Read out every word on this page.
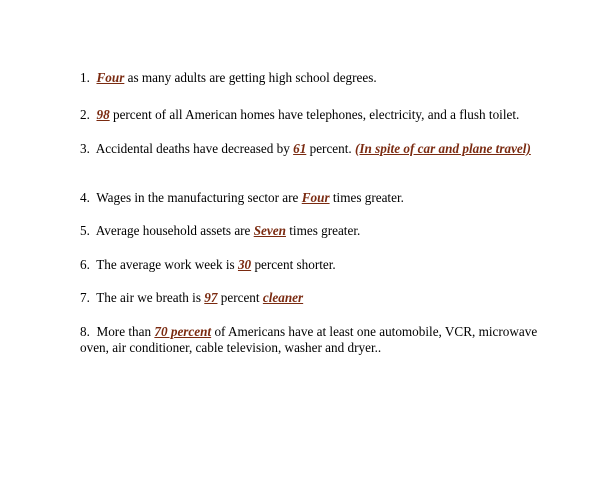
1. Four as many adults are getting high school degrees.

2. 98 percent of all American homes have telephones, electricity, and a flush toilet.

3. Accidental deaths have decreased by 61 percent. (In spite of car and plane travel)

4. Wages in the manufacturing sector are Four times greater.

5. Average household assets are Seven times greater.

6. The average work week is 30 percent shorter.

7. The air we breath is 97 percent cleaner

8. More than 70 percent of Americans have at least one automobile, VCR, microwave oven, air conditioner, cable television, washer and dryer..
